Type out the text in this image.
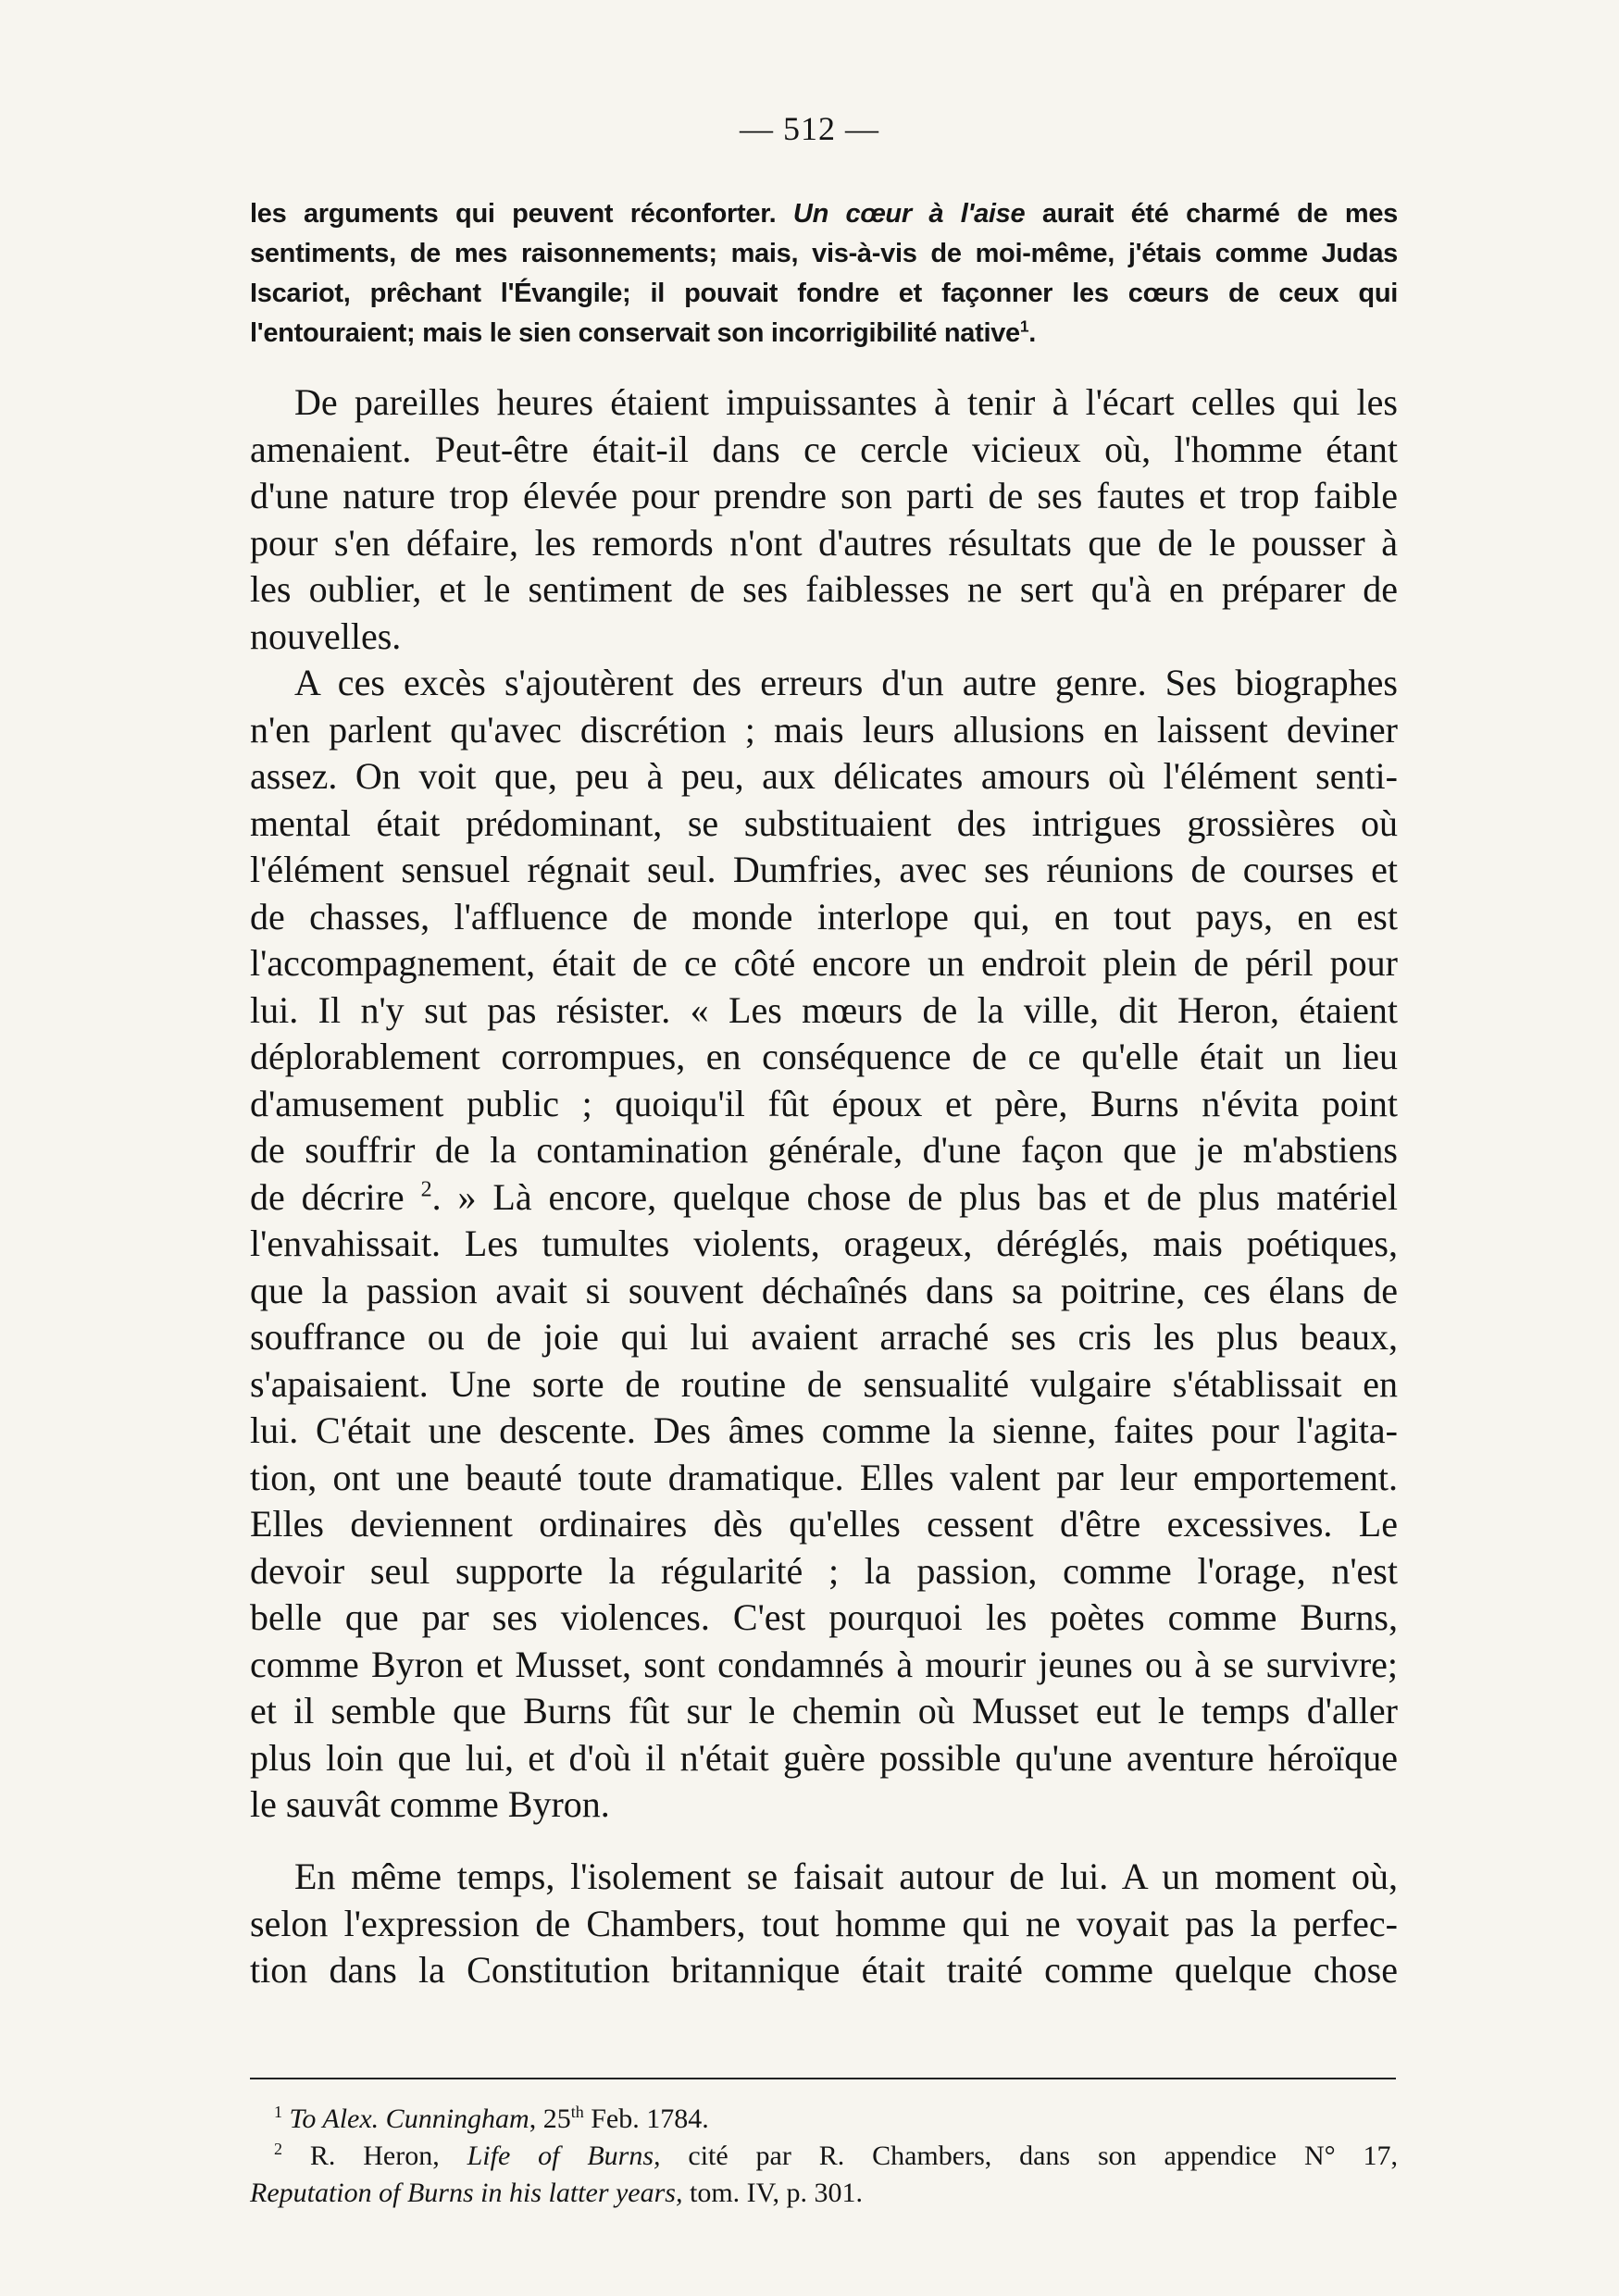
— 512 —
les arguments qui peuvent réconforter. Un cœur à l'aise aurait été charmé de mes
sentiments, de mes raisonnements; mais, vis-à-vis de moi-même, j'étais comme Judas
Iscariot, prêchant l'Évangile; il pouvait fondre et façonner les cœurs de ceux qui
l'entouraient; mais le sien conservait son incorrigibilité native$^1$.
De pareilles heures étaient impuissantes à tenir à l'écart celles qui les
amenaient. Peut-être était-il dans ce cercle vicieux où, l'homme étant
d'une nature trop élevée pour prendre son parti de ses fautes et trop faible
pour s'en défaire, les remords n'ont d'autres résultats que de le pousser à
les oublier, et le sentiment de ses faiblesses ne sert qu'à en préparer de
nouvelles.
A ces excès s'ajoutèrent des erreurs d'un autre genre. Ses biographes
n'en parlent qu'avec discrétion ; mais leurs allusions en laissent deviner
assez. On voit que, peu à peu, aux délicates amours où l'élément senti-
mental était prédominant, se substituaient des intrigues grossières où
l'élément sensuel régnait seul. Dumfries, avec ses réunions de courses et
de chasses, l'affluence de monde interlope qui, en tout pays, en est
l'accompagnement, était de ce côté encore un endroit plein de péril pour
lui. Il n'y sut pas résister. « Les mœurs de la ville, dit Heron, étaient
déplorablement corrompues, en conséquence de ce qu'elle était un lieu
d'amusement public ; quoiqu'il fût époux et père, Burns n'évita point
de souffrir de la contamination générale, d'une façon que je m'abstiens
de décrire $^2$. » Là encore, quelque chose de plus bas et de plus matériel
l'envahissait. Les tumultes violents, orageux, déréglés, mais poétiques,
que la passion avait si souvent déchaînés dans sa poitrine, ces élans de
souffrance ou de joie qui lui avaient arraché ses cris les plus beaux,
s'apaisaient. Une sorte de routine de sensualité vulgaire s'établissait en
lui. C'était une descente. Des âmes comme la sienne, faites pour l'agita-
tion, ont une beauté toute dramatique. Elles valent par leur emportement.
Elles deviennent ordinaires dès qu'elles cessent d'être excessives. Le
devoir seul supporte la régularité ; la passion, comme l'orage, n'est
belle que par ses violences. C'est pourquoi les poètes comme Burns,
comme Byron et Musset, sont condamnés à mourir jeunes ou à se survivre;
et il semble que Burns fût sur le chemin où Musset eut le temps d'aller
plus loin que lui, et d'où il n'était guère possible qu'une aventure héroïque
le sauvât comme Byron.
En même temps, l'isolement se faisait autour de lui. A un moment où,
selon l'expression de Chambers, tout homme qui ne voyait pas la perfec-
tion dans la Constitution britannique était traité comme quelque chose
$^1$ To Alex. Cunningham, 25th Feb. 1784.
$^2$ R. Heron, Life of Burns, cité par R. Chambers, dans son appendice N° 17,
Reputation of Burns in his latter years, tom. IV, p. 301.
